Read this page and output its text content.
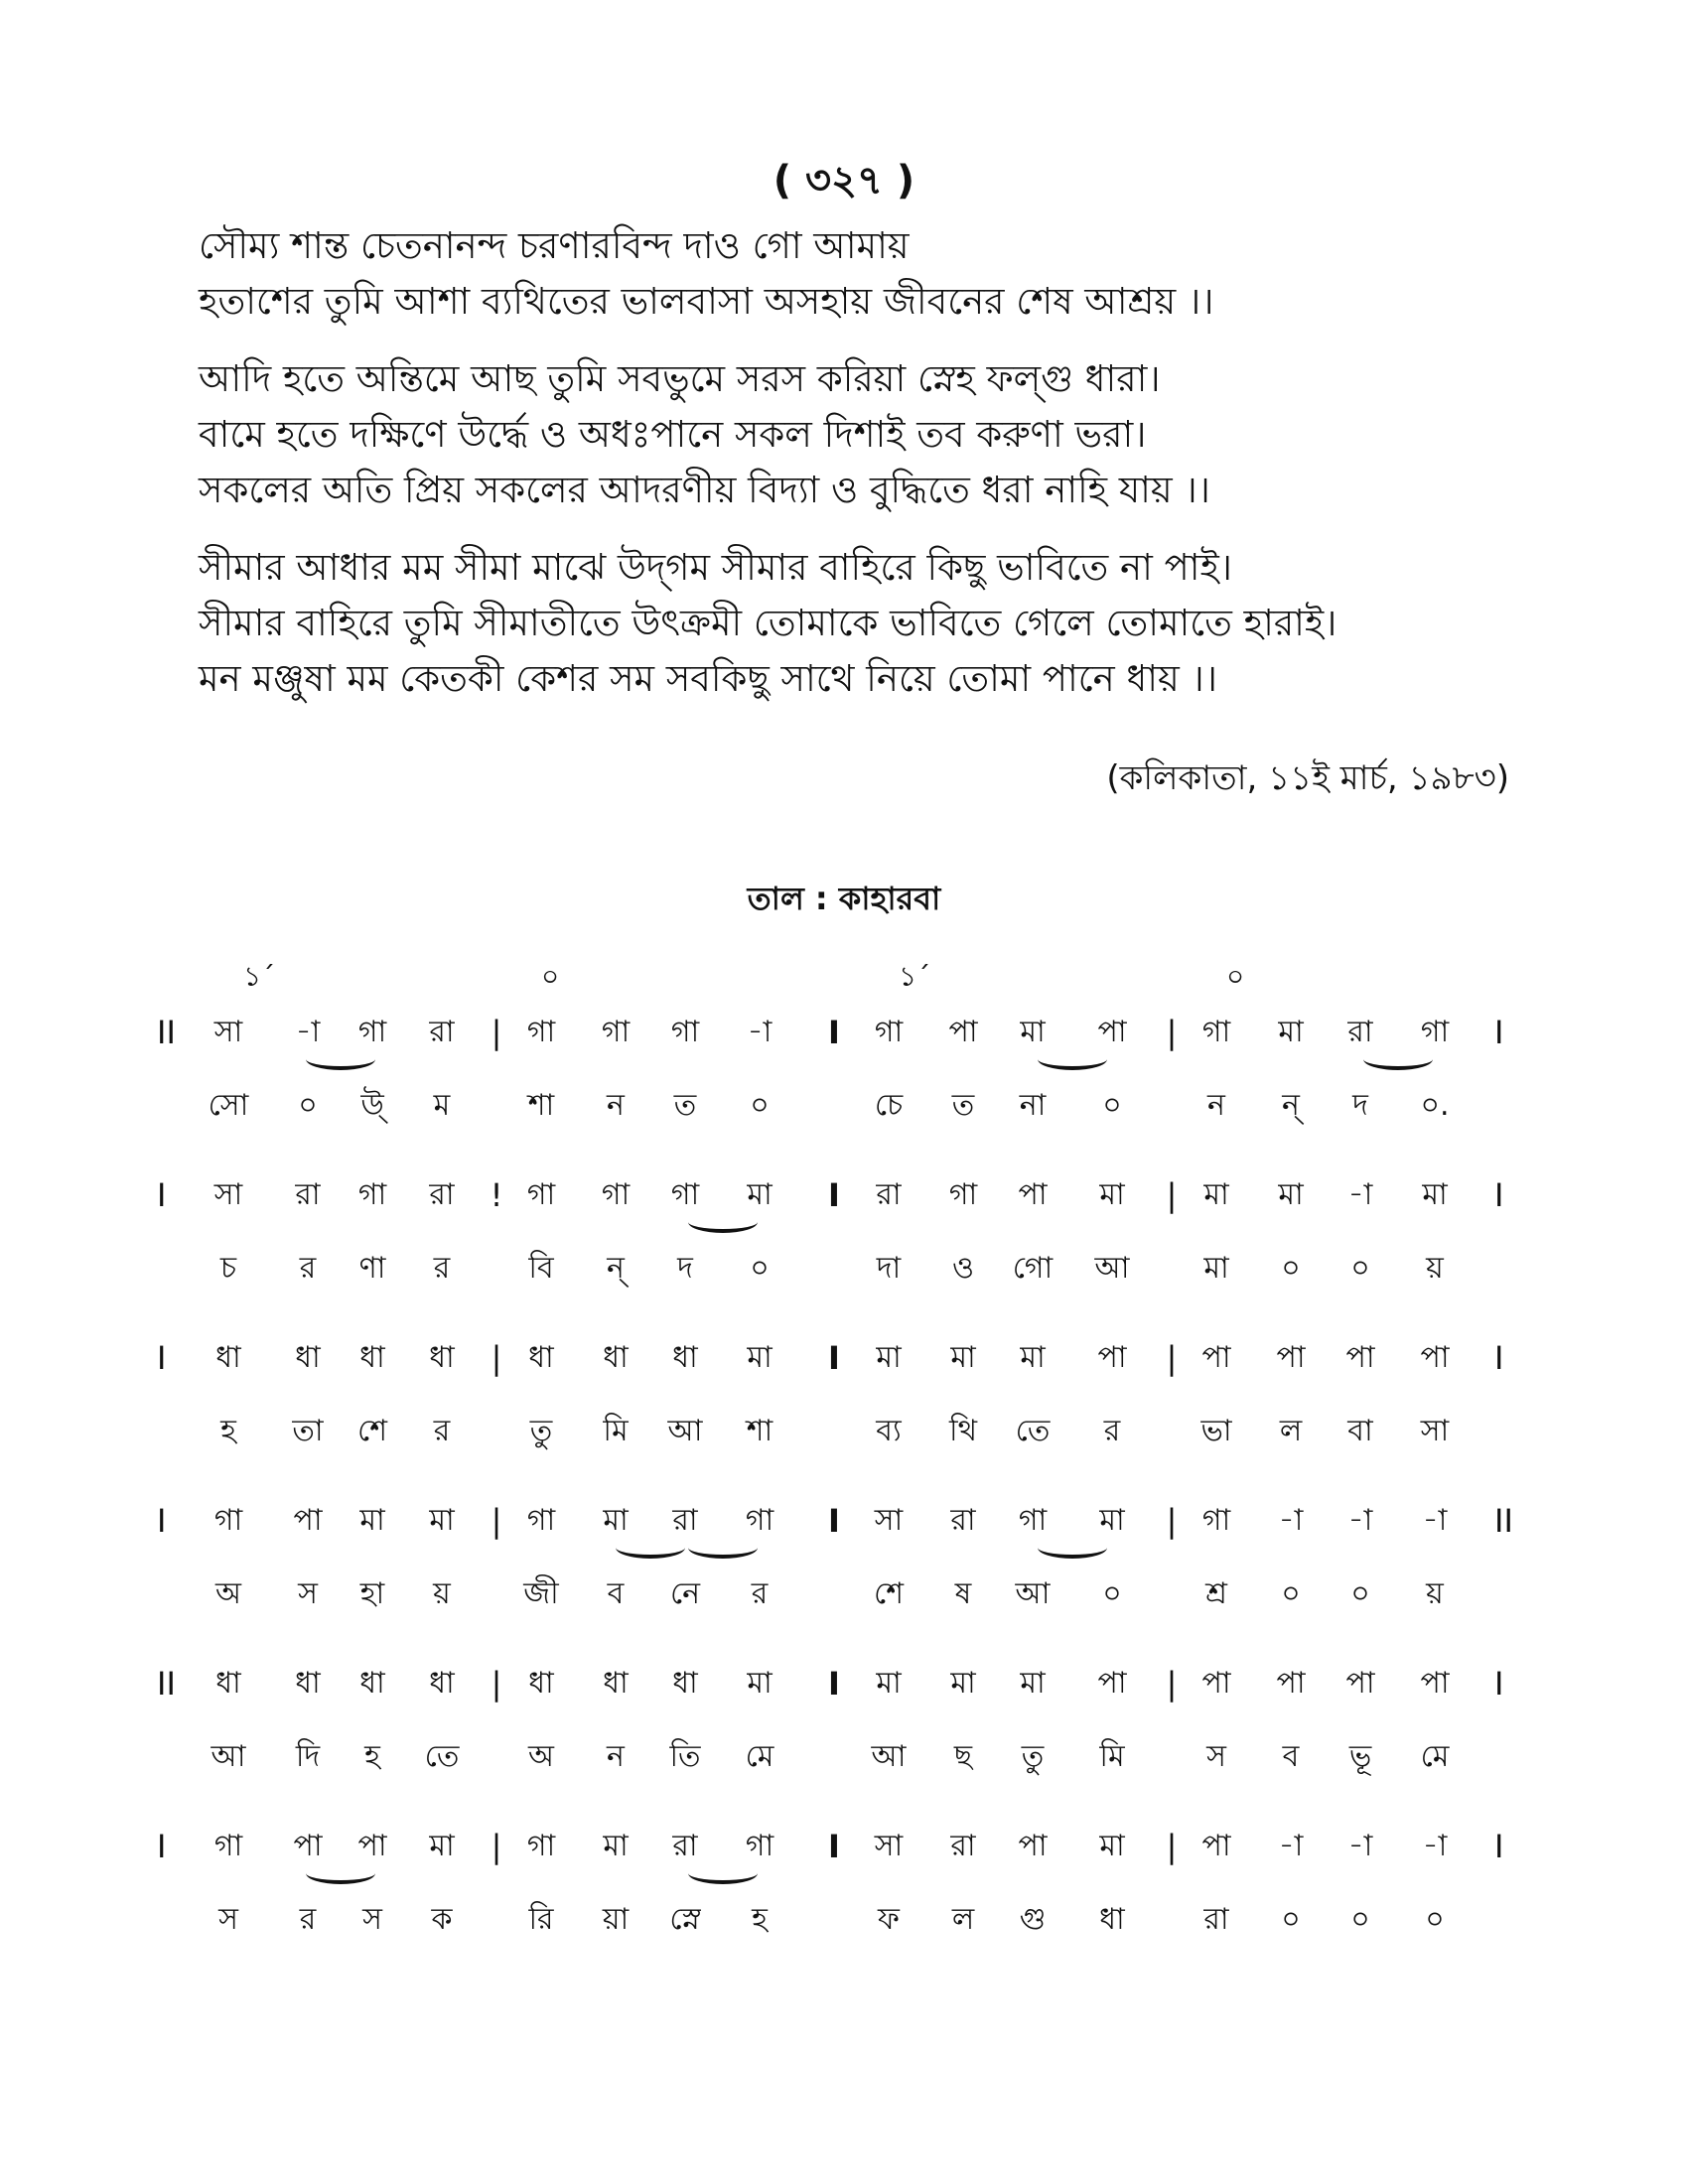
( ৩২৭ )
সৌম্য শান্ত চেতনানন্দ চরণারবিন্দ দাও গো আমায়
হতাশের তুমি আশা ব্যথিতের ভালবাসা অসহায় জীবনের শেষ আশ্রয় ।।
আদি হতে অন্তিমে আছ তুমি সবভুমে সরস করিয়া স্নেহ ফল্গু ধারা।
বামে হতে দক্ষিণে উর্দ্ধে ও অধঃপানে সকল দিশাই তব করুণা ভরা।
সকলের অতি প্রিয় সকলের আদরণীয় বিদ্যা ও বুদ্ধিতে ধরা নাহি যায় ।।
সীমার আধার মম সীমা মাঝে উদ্‌গম সীমার বাহিরে কিছু ভাবিতে না পাই।
সীমার বাহিরে তুমি সীমাতীতে উৎক্রমী তোমাকে ভাবিতে গেলে তোমাতে হারাই।
মন মঞ্জুষা মম কেতকী কেশর সম সবকিছু সাথে নিয়ে তোমা পানে ধায় ।।
(কলিকাতা, ১১ই মার্চ, ১৯৮৩)
তাল : কাহারবা
১´	০	১´	০
II	I
|	I	|
সা	-া	গা	রা	গা	গা	গা	-া	গা	পা	মা	পা	গা	মা	রা	গা
সো	০	উ্	ম	শা	ন	ত	০	চে	ত	না	০	ন	ন্	দ	০.
I	I
!	I	|
সা	রা	গা	রা	গা	গা	গা	মা	রা	গা	পা	মা	মা	মা	-া	মা
চ	র	ণা	র	বি	ন্	দ	০	দা	ও	গো	আ	মা	০	০	য়
I	I
|	I	|
ধা	ধা	ধা	ধা	ধা	ধা	ধা	মা	মা	মা	মা	পা	পা	পা	পা	পা
হ	তা	শে	র	তু	মি	আ	শা	ব্য	থি	তে	র	ভা	ল	বা	সা
I	II
|	I	|
গা	পা	মা	মা	গা	মা	রা	গা	সা	রা	গা	মা	গা	-া	-া	-া
অ	স	হা	য়	জী	ব	নে	র	শে	ষ	আ	০	শ্র	০	০	য়
II	I
|	I	|
ধা	ধা	ধা	ধা	ধা	ধা	ধা	মা	মা	মা	মা	পা	পা	পা	পা	পা
আ	দি	হ	তে	অ	ন	তি	মে	আ	ছ	তু	মি	স	ব	ভূ	মে
I	I
|	I	|
গা	পা	পা	মা	গা	মা	রা	গা	সা	রা	পা	মা	পা	-া	-া	-া
স	র	স	ক	রি	য়া	স্নে	হ	ফ	ল	গু	ধা	রা	০	০	০
